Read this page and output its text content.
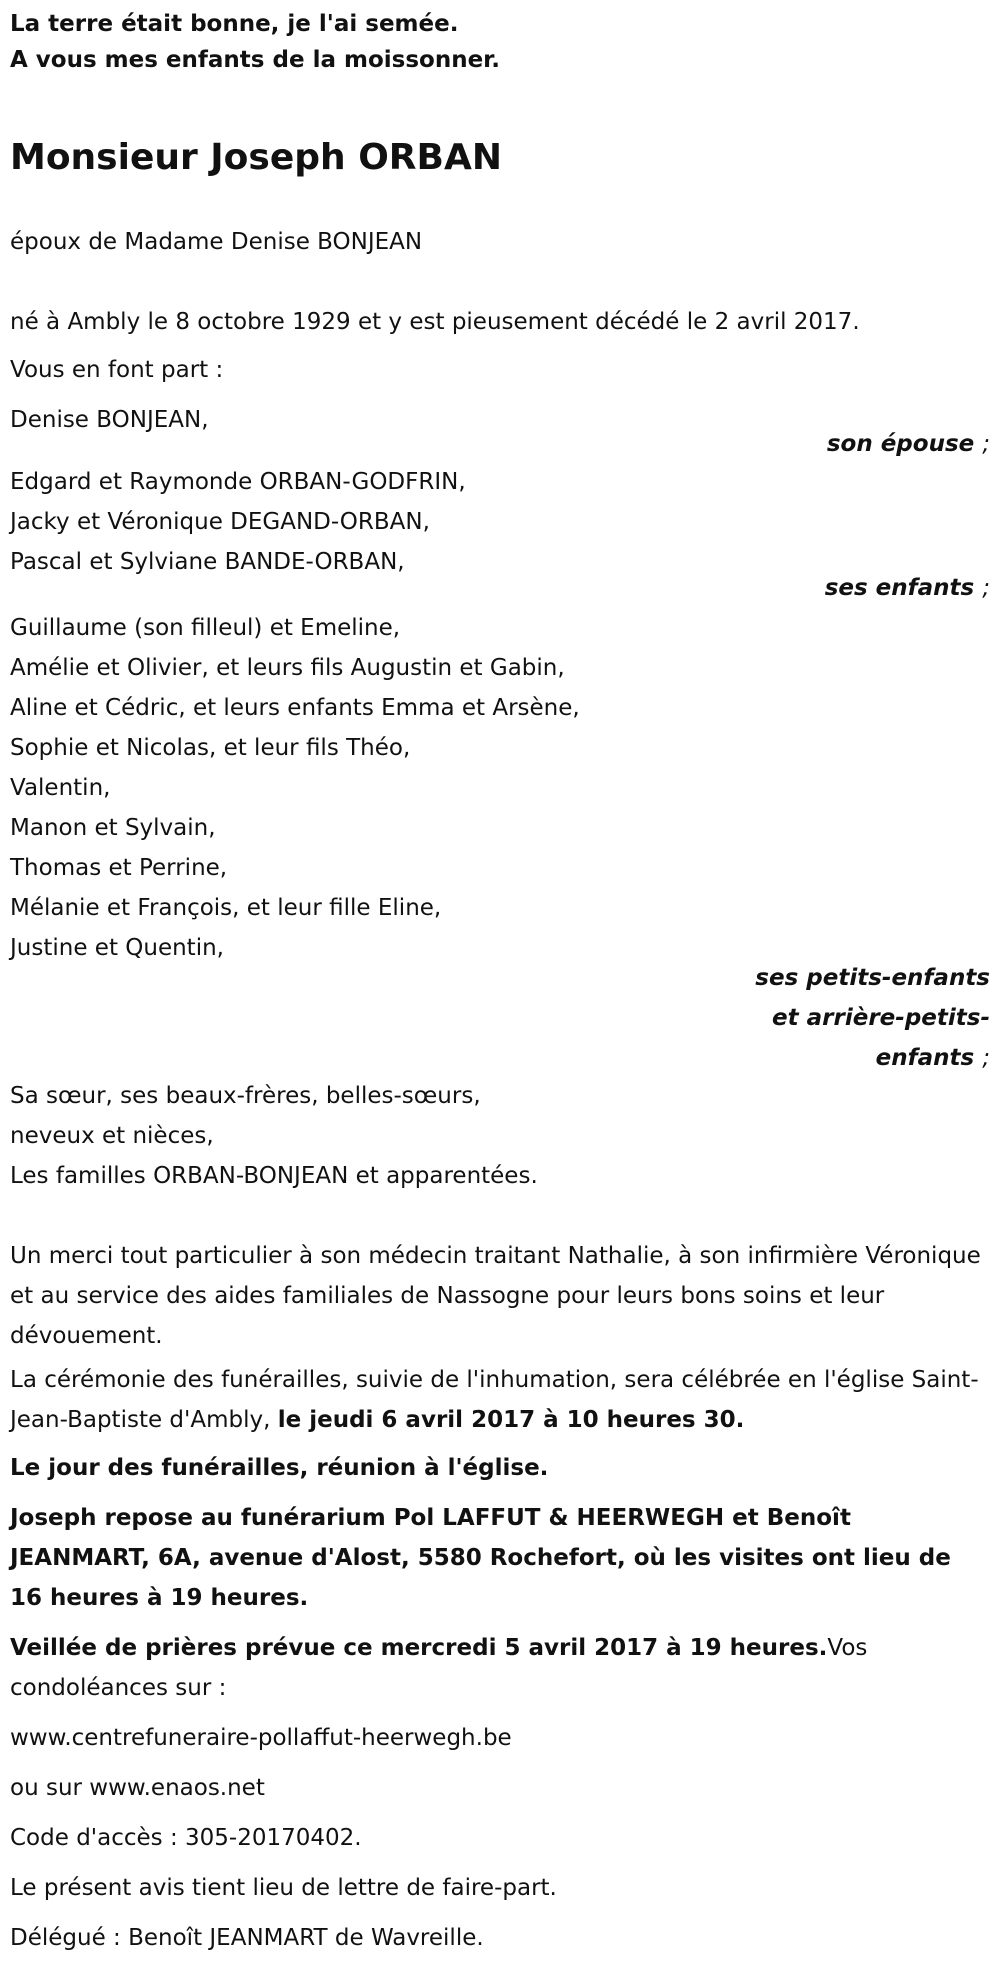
La terre était bonne, je l'ai semée.
A vous mes enfants de la moissonner.
Monsieur Joseph ORBAN
époux de Madame Denise BONJEAN
né à Ambly le 8 octobre 1929 et y est pieusement décédé le 2 avril 2017.
Vous en font part :
Denise BONJEAN,
son épouse ;
Edgard et Raymonde ORBAN-GODFRIN,
Jacky et Véronique DEGAND-ORBAN,
Pascal et Sylviane BANDE-ORBAN,
ses enfants ;
Guillaume (son filleul) et Emeline,
Amélie et Olivier, et leurs fils Augustin et Gabin,
Aline et Cédric, et leurs enfants Emma et Arsène,
Sophie et Nicolas, et leur fils Théo,
Valentin,
Manon et Sylvain,
Thomas et Perrine,
Mélanie et François, et leur fille Eline,
Justine et Quentin,
ses petits-enfants
et arrière-petits-
enfants ;
Sa sœur, ses beaux-frères, belles-sœurs,
neveux et nièces,
Les familles ORBAN-BONJEAN et apparentées.
Un merci tout particulier à son médecin traitant Nathalie, à son infirmière Véronique et au service des aides familiales de Nassogne pour leurs bons soins et leur dévouement.
La cérémonie des funérailles, suivie de l'inhumation, sera célébrée en l'église Saint-Jean-Baptiste d'Ambly, le jeudi 6 avril 2017 à 10 heures 30.
Le jour des funérailles, réunion à l'église.
Joseph repose au funérarium Pol LAFFUT & HEERWEGH et Benoît JEANMART, 6A, avenue d'Alost, 5580 Rochefort, où les visites ont lieu de 16 heures à 19 heures.
Veillée de prières prévue ce mercredi 5 avril 2017 à 19 heures.Vos condoléances sur :
www.centrefuneraire-pollaffut-heerwegh.be
ou sur www.enaos.net
Code d'accès : 305-20170402.
Le présent avis tient lieu de lettre de faire-part.
Délégué : Benoît JEANMART de Wavreille.
